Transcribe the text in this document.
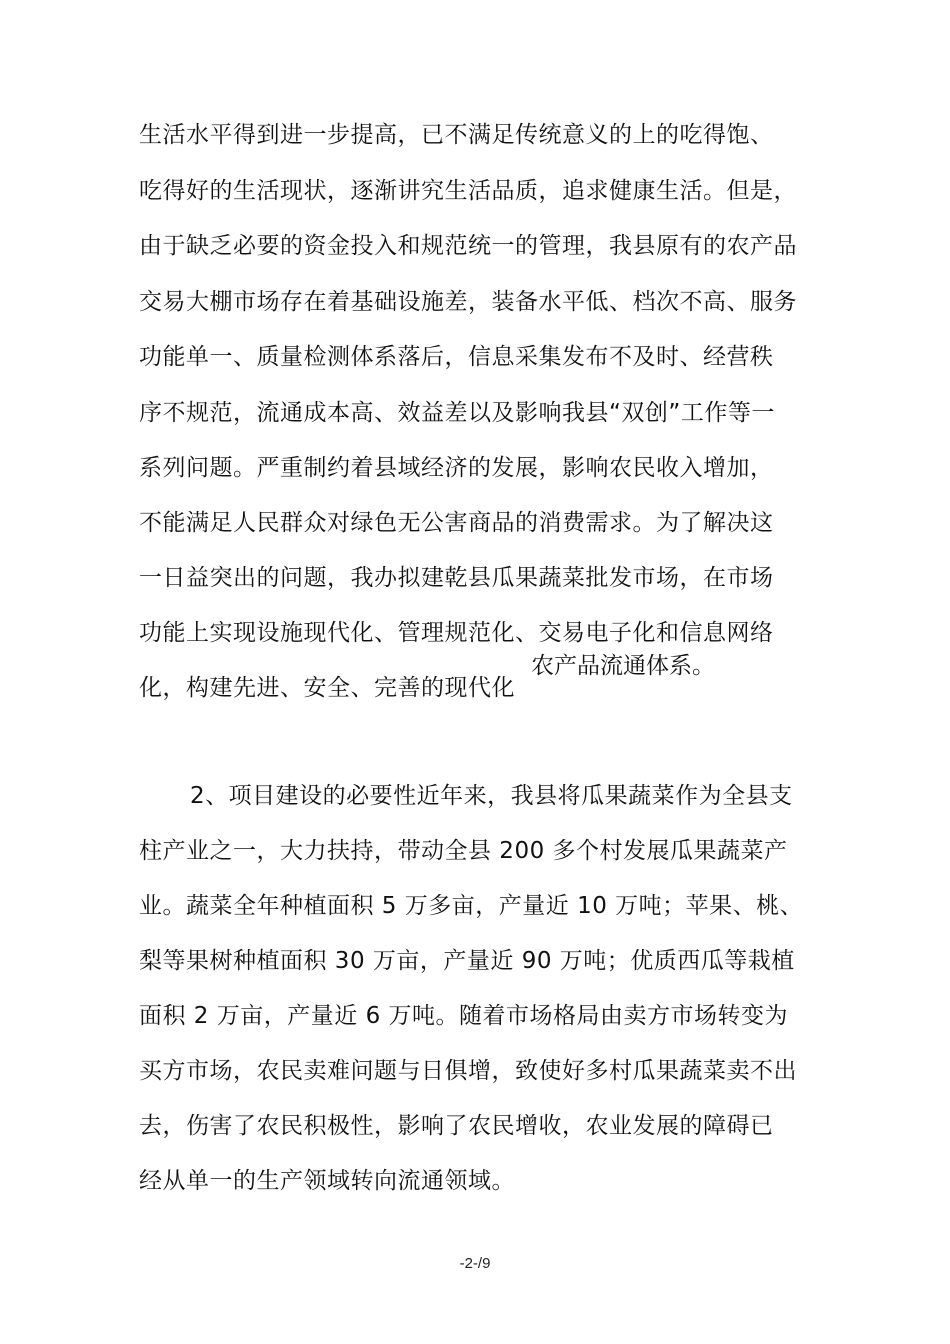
生活水平得到进一步提高，已不满足传统意义的上的吃得饱、
吃得好的生活现状，逐渐讲究生活品质，追求健康生活。但是，
由于缺乏必要的资金投入和规范统一的管理，我县原有的农产品
交易大棚市场存在着基础设施差，装备水平低、档次不高、服务
功能单一、质量检测体系落后，信息采集发布不及时、经营秩
序不规范，流通成本高、效益差以及影响我县“双创”工作等一
系列问题。严重制约着县域经济的发展，影响农民收入增加，
不能满足人民群众对绿色无公害商品的消费需求。为了解决这
一日益突出的问题，我办拟建乾县瓜果蔬菜批发市场，在市场
功能上实现设施现代化、管理规范化、交易电子化和信息网络
化，构建先进、安全、完善的现代化
农产品流通体系。
2、项目建设的必要性近年来，我县将瓜果蔬菜作为全县支
柱产业之一，大力扶持，带动全县 200 多个村发展瓜果蔬菜产
业。蔬菜全年种植面积 5 万多亩，产量近 10 万吨；苹果、桃、
梨等果树种植面积 30 万亩，产量近 90 万吨；优质西瓜等栽植
面积 2 万亩，产量近 6 万吨。随着市场格局由卖方市场转变为
买方市场，农民卖难问题与日俱增，致使好多村瓜果蔬菜卖不出
去，伤害了农民积极性，影响了农民增收，农业发展的障碍已
经从单一的生产领域转向流通领域。
-2-/9
